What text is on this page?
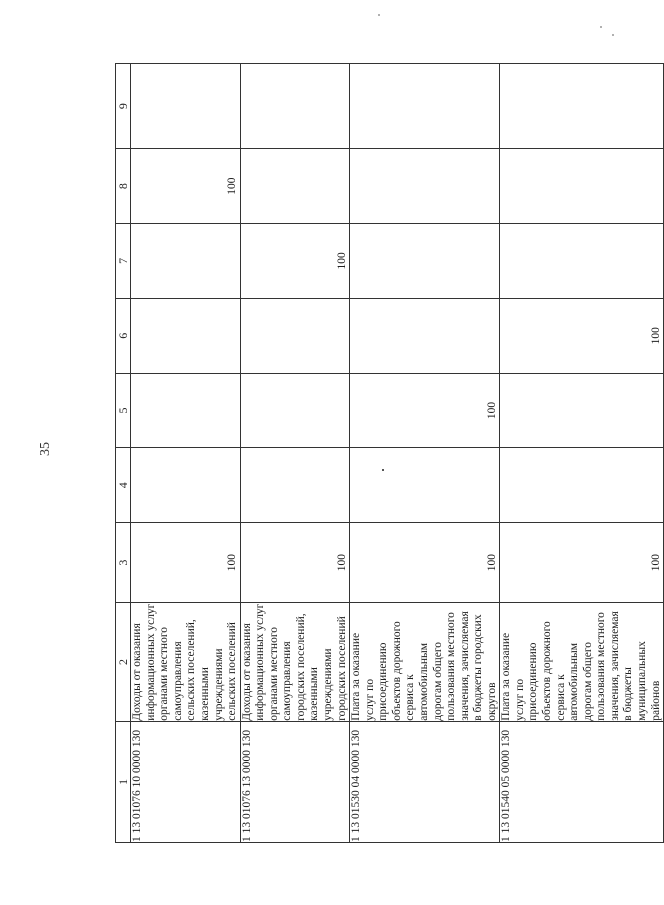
35
1	2	3	4	5	6	7	8	9
1 13 01076 10 0000 130	Доходы от оказания информационных услуг органами местного самоуправления сельских поселений, казенными учреждениями сельских поселений	100					100	
1 13 01076 13 0000 130	Доходы от оказания информационных услуг органами местного самоуправления городских поселений, казенными учреждениями городских поселений	100				100		
1 13 01530 04 0000 130	Плата за оказание услуг по присоединению объектов дорожного сервиса к автомобильным дорогам общего пользования местного значения, зачисляемая в бюджеты городских округов	100		100				
1 13 01540 05 0000 130	Плата за оказание услуг по присоединению объектов дорожного сервиса к автомобильным дорогам общего пользования местного значения, зачисляемая в бюджеты муниципальных районов	100			100			
